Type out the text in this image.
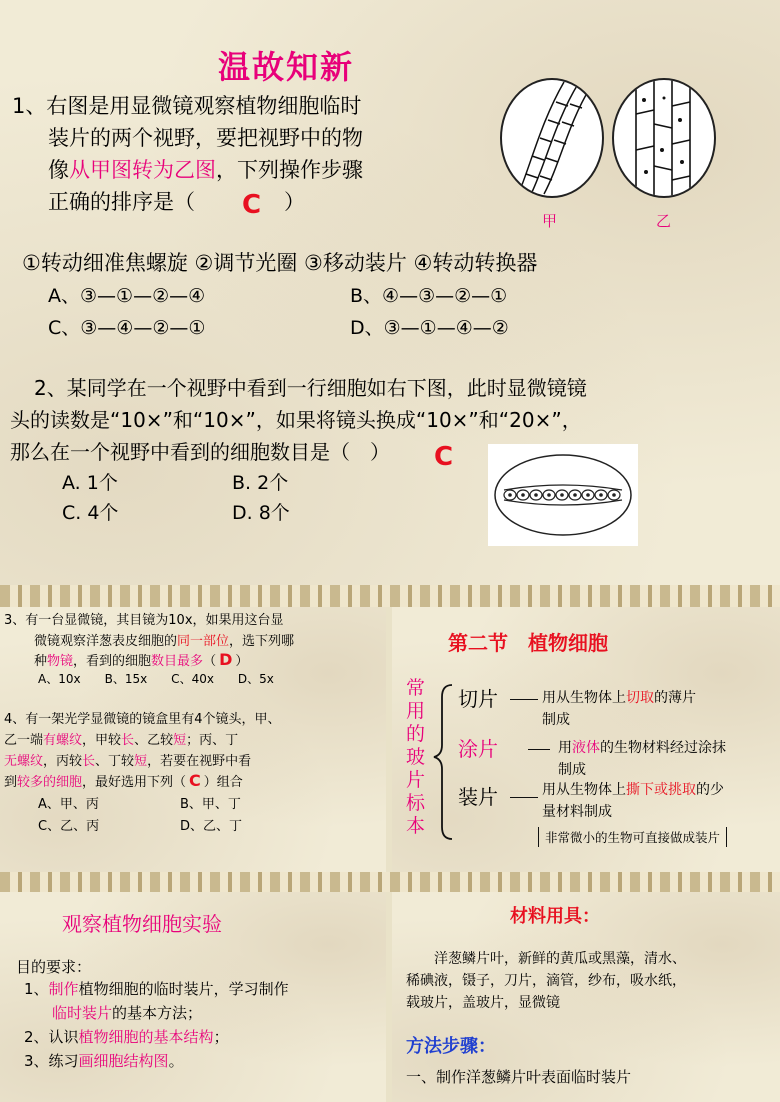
温故知新
1、右图是用显微镜观察植物细胞临时
装片的两个视野，要把视野中的物
像从甲图转为乙图，下列操作步骤
正确的排序是（ C ）
甲	乙
①转动细准焦螺旋 ②调节光圈 ③移动装片 ④转动转换器
A、③—①—②—④	B、④—③—②—①
C、③—④—②—①	D、③—①—④—②
2、某同学在一个视野中看到一行细胞如右下图，此时显微镜镜
头的读数是“10×”和“10×”，如果将镜头换成“10×”和“20×”，
那么在一个视野中看到的细胞数目是（　） C
A. 1个	B. 2个
C. 4个	D. 8个
3、有一台显微镜，其目镜为10x，如果用这台显
微镜观察洋葱表皮细胞的同一部位，选下列哪
种物镜，看到的细胞数目最多（ D ）
A、10x　　B、15x　　C、40x　　D、5x
4、有一架光学显微镜的镜盒里有4个镜头，甲、
乙一端有螺纹，甲较长、乙较短；丙、丁
无螺纹，丙较长、丁较短，若要在视野中看
到较多的细胞，最好选用下列（ C ）组合
A、甲、丙	B、甲、丁
C、乙、丙	D、乙、丁
第二节　植物细胞
常用的玻片标本
切片	用从生物体上切取的薄片
制成
涂片	用液体的生物材料经过涂抹
制成
装片	用从生物体上撕下或挑取的少
量材料制成
非常微小的生物可直接做成装片
观察植物细胞实验
目的要求：
1、制作植物细胞的临时装片，学习制作
临时装片的基本方法；
2、认识植物细胞的基本结构；
3、练习画细胞结构图。
材料用具：
洋葱鳞片叶，新鲜的黄瓜或黑藻，清水、
稀碘液，镊子，刀片，滴管，纱布，吸水纸，
载玻片，盖玻片，显微镜
方法步骤：
一、制作洋葱鳞片叶表面临时装片
